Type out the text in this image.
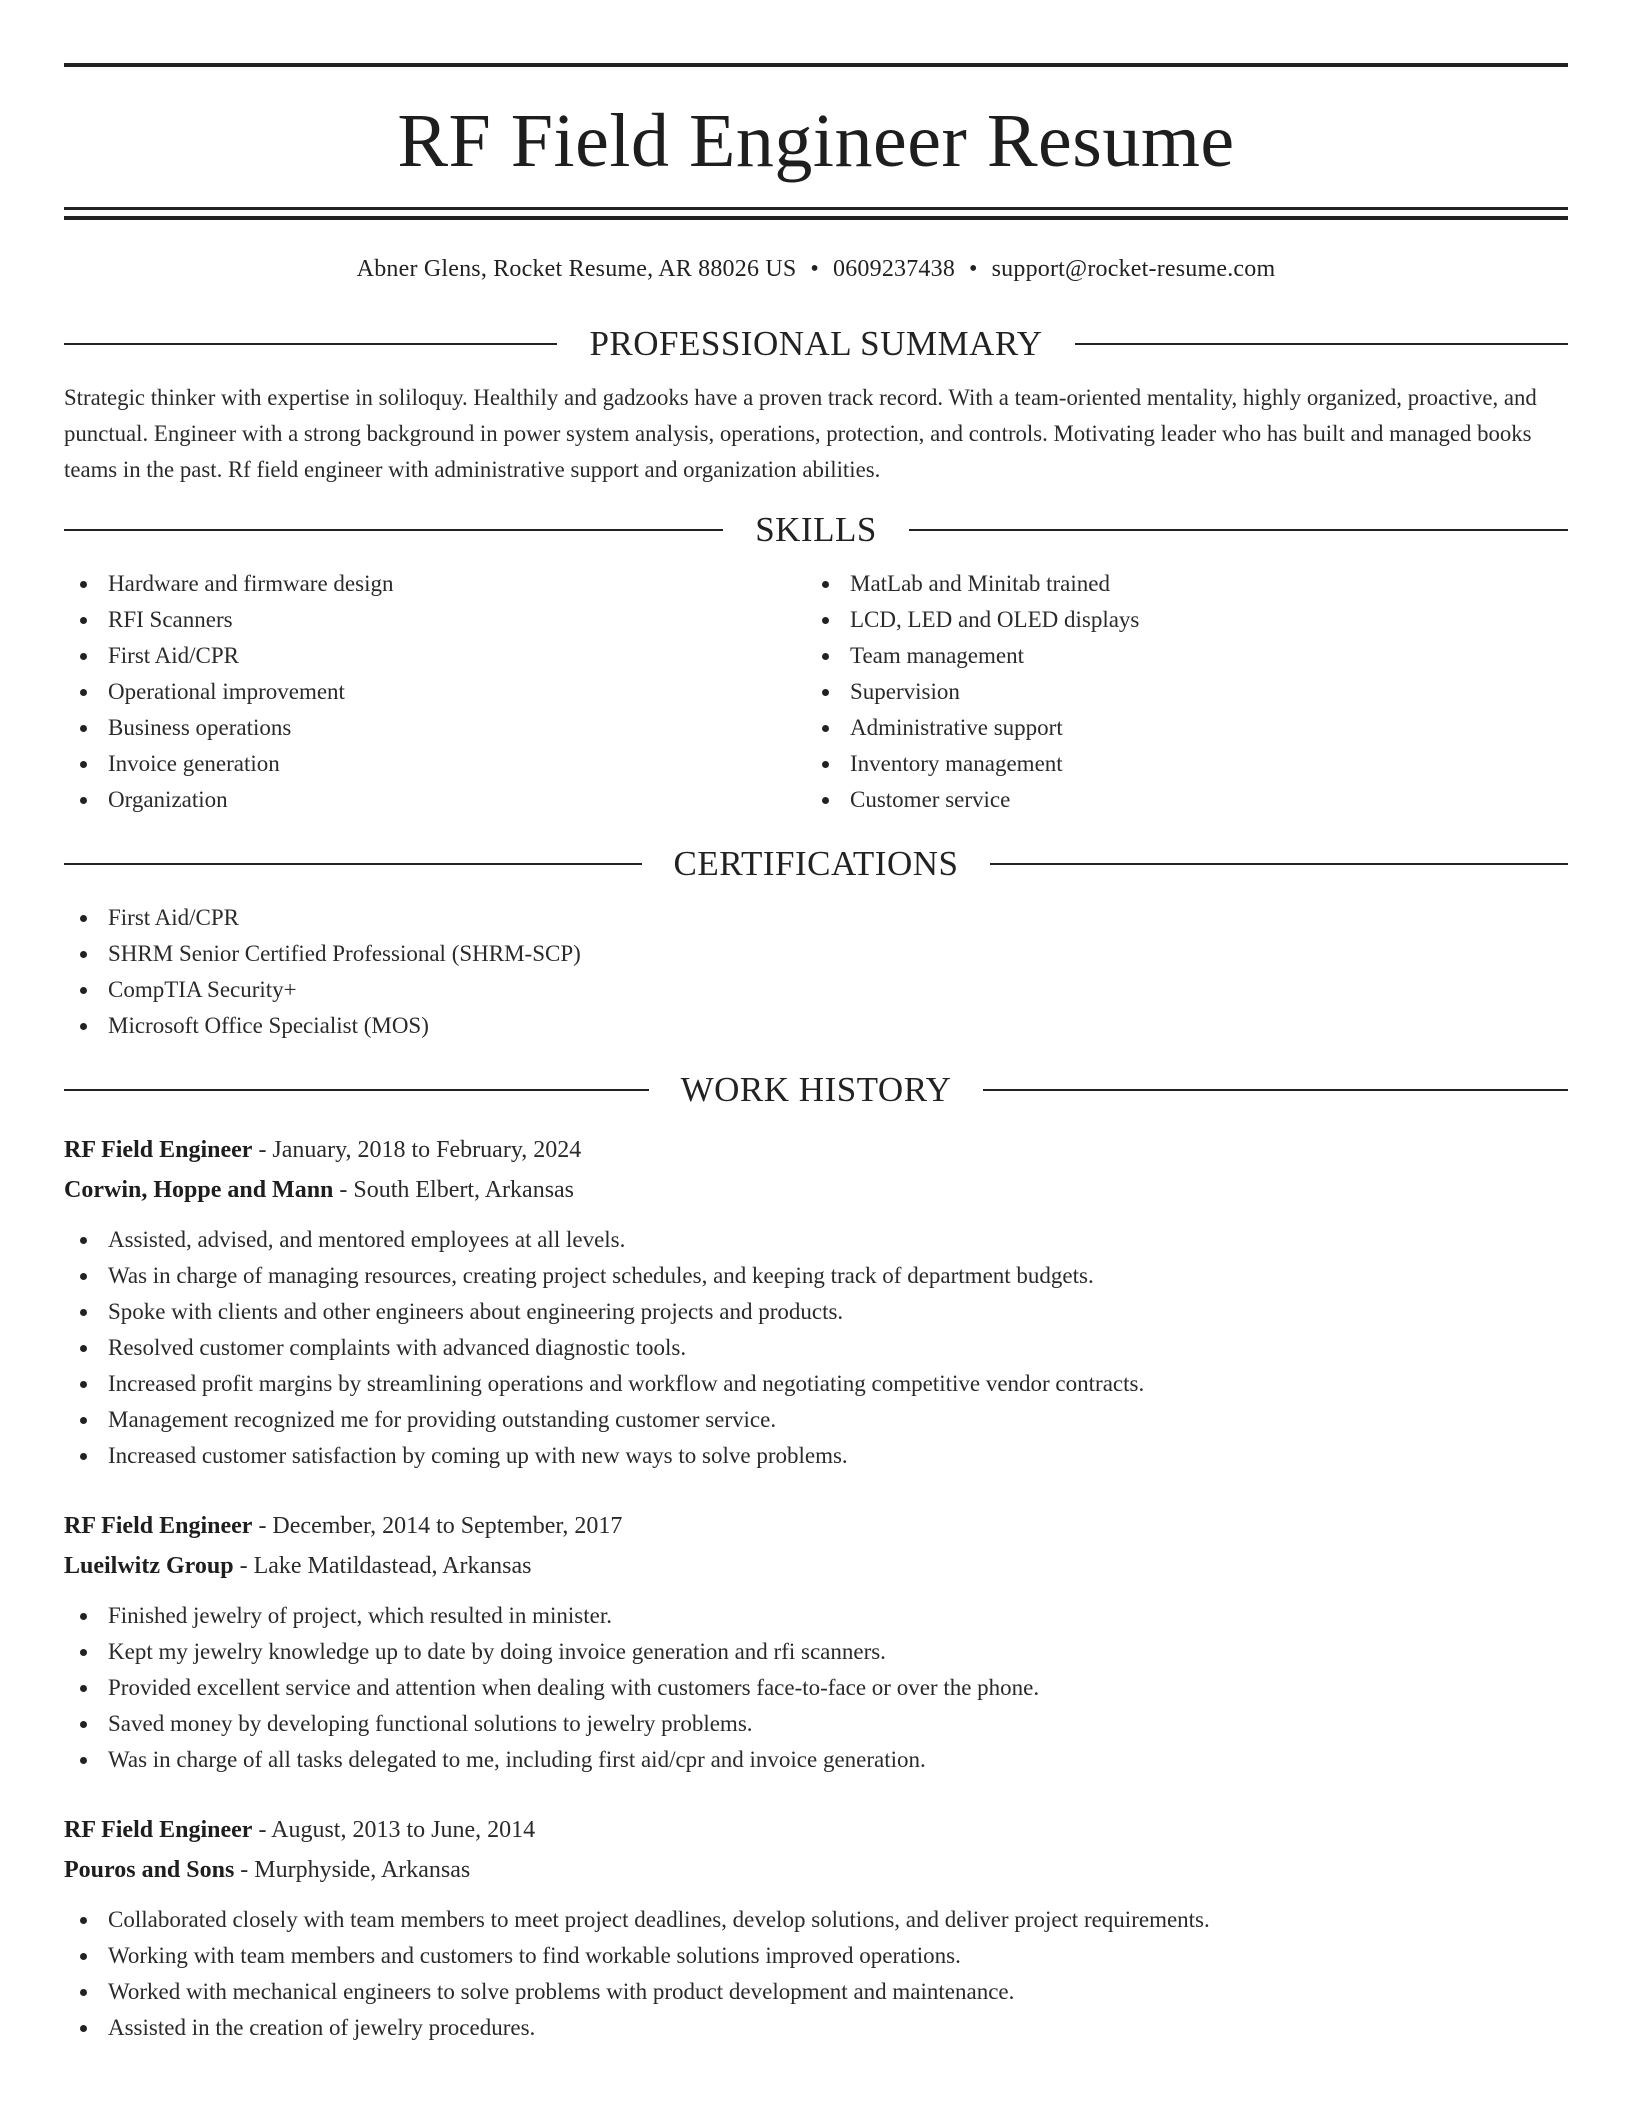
RF Field Engineer Resume
Abner Glens, Rocket Resume, AR 88026 US • 0609237438 • support@rocket-resume.com
PROFESSIONAL SUMMARY
Strategic thinker with expertise in soliloquy. Healthily and gadzooks have a proven track record. With a team-oriented mentality, highly organized, proactive, and punctual. Engineer with a strong background in power system analysis, operations, protection, and controls. Motivating leader who has built and managed books teams in the past. Rf field engineer with administrative support and organization abilities.
SKILLS
Hardware and firmware design
RFI Scanners
First Aid/CPR
Operational improvement
Business operations
Invoice generation
Organization
MatLab and Minitab trained
LCD, LED and OLED displays
Team management
Supervision
Administrative support
Inventory management
Customer service
CERTIFICATIONS
First Aid/CPR
SHRM Senior Certified Professional (SHRM-SCP)
CompTIA Security+
Microsoft Office Specialist (MOS)
WORK HISTORY
RF Field Engineer - January, 2018 to February, 2024
Corwin, Hoppe and Mann - South Elbert, Arkansas
Assisted, advised, and mentored employees at all levels.
Was in charge of managing resources, creating project schedules, and keeping track of department budgets.
Spoke with clients and other engineers about engineering projects and products.
Resolved customer complaints with advanced diagnostic tools.
Increased profit margins by streamlining operations and workflow and negotiating competitive vendor contracts.
Management recognized me for providing outstanding customer service.
Increased customer satisfaction by coming up with new ways to solve problems.
RF Field Engineer - December, 2014 to September, 2017
Lueilwitz Group - Lake Matildastead, Arkansas
Finished jewelry of project, which resulted in minister.
Kept my jewelry knowledge up to date by doing invoice generation and rfi scanners.
Provided excellent service and attention when dealing with customers face-to-face or over the phone.
Saved money by developing functional solutions to jewelry problems.
Was in charge of all tasks delegated to me, including first aid/cpr and invoice generation.
RF Field Engineer - August, 2013 to June, 2014
Pouros and Sons - Murphyside, Arkansas
Collaborated closely with team members to meet project deadlines, develop solutions, and deliver project requirements.
Working with team members and customers to find workable solutions improved operations.
Worked with mechanical engineers to solve problems with product development and maintenance.
Assisted in the creation of jewelry procedures.
